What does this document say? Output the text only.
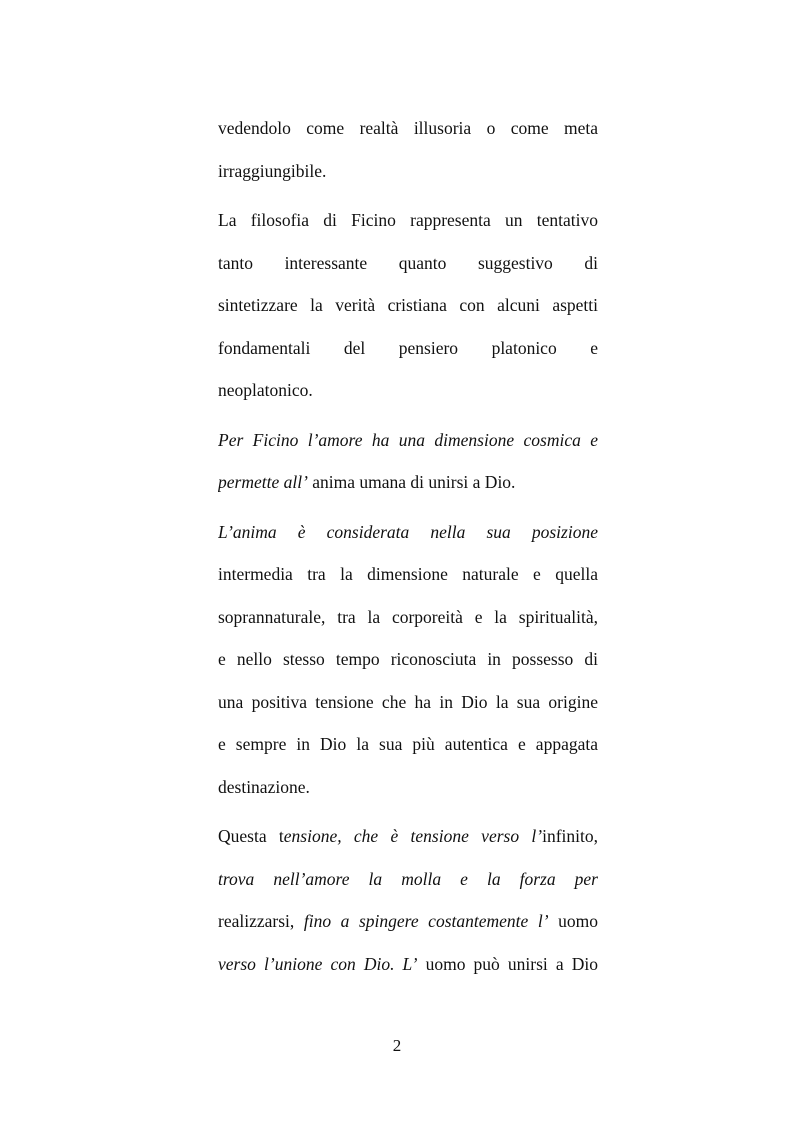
vedendolo come realtà illusoria o come meta
irraggiungibile.
La filosofia di Ficino rappresenta un tentativo
tanto interessante quanto suggestivo di
sintetizzare la verità cristiana con alcuni aspetti
fondamentali del pensiero platonico e
neoplatonico.
Per Ficino l’amore ha una dimensione cosmica e
permette all’ anima umana di unirsi a Dio.
L’anima è considerata nella sua posizione
intermedia tra la dimensione naturale e quella
soprannaturale, tra la corporeità e la spiritualità,
e nello stesso tempo riconosciuta in possesso di
una positiva tensione che ha in Dio la sua origine
e sempre in Dio la sua più autentica e appagata
destinazione.
Questa tensione, che è tensione verso l’infinito,
trova nell’amore la molla e la forza per
realizzarsi, fino a spingere costantemente l’ uomo
verso l’unione con Dio. L’ uomo può unirsi a Dio
2
